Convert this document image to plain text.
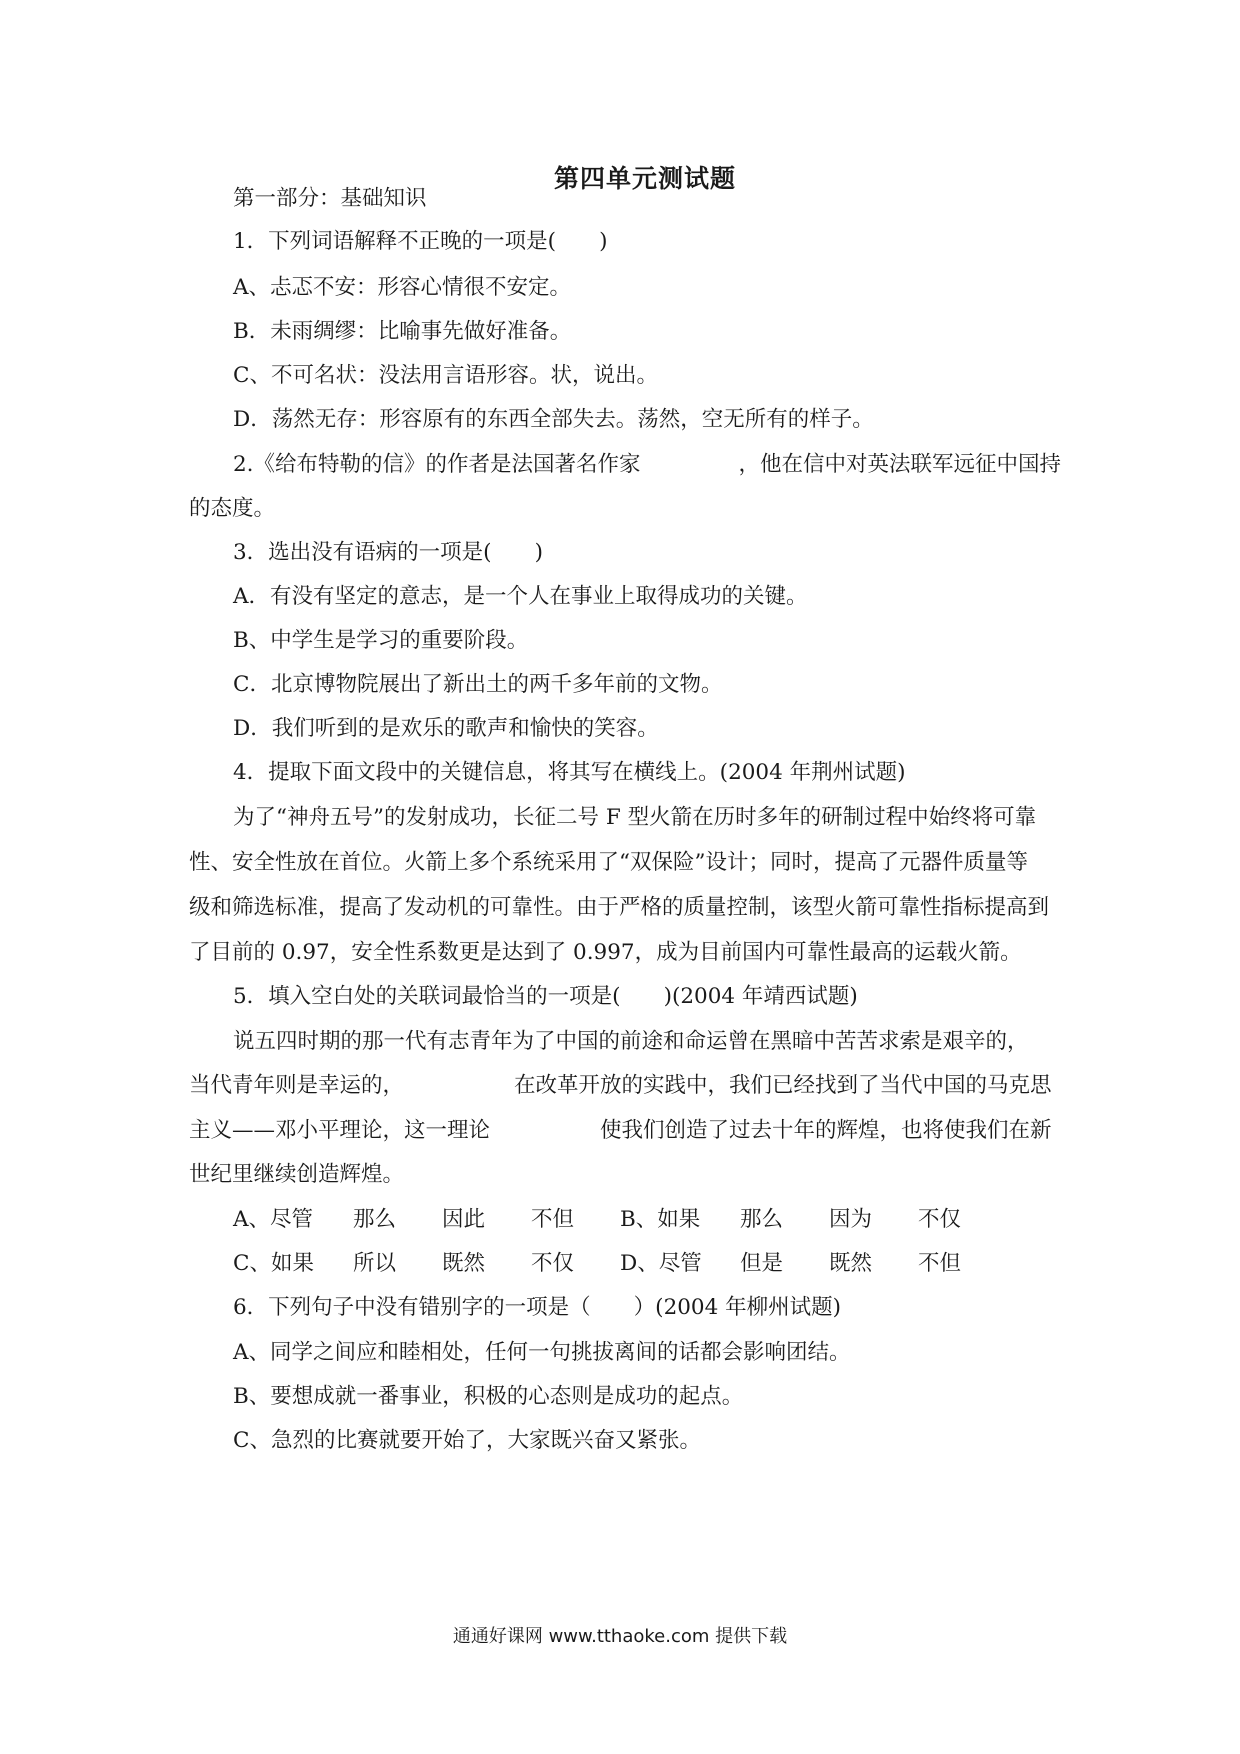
第四单元测试题
第一部分：基础知识
1．下列词语解释不正晚的一项是(　　)
A、忐忑不安：形容心情很不安定。
B．未雨绸缪：比喻事先做好准备。
C、不可名状：没法用言语形容。状，说出。
D．荡然无存：形容原有的东西全部失去。荡然，空无所有的样子。
2.《给布特勒的信》的作者是法国著名作家	，他在信中对英法联军远征中国持
的态度。
3．选出没有语病的一项是(　　)
A．有没有坚定的意志，是一个人在事业上取得成功的关键。
B、中学生是学习的重要阶段。
C．北京博物院展出了新出土的两千多年前的文物。
D．我们听到的是欢乐的歌声和愉快的笑容。
4．提取下面文段中的关键信息，将其写在横线上。(2004 年荆州试题)
为了“神舟五号”的发射成功，长征二号 F 型火箭在历时多年的研制过程中始终将可靠
性、安全性放在首位。火箭上多个系统采用了“双保险”设计；同时，提高了元器件质量等
级和筛选标准，提高了发动机的可靠性。由于严格的质量控制，该型火箭可靠性指标提高到
了目前的 0.97，安全性系数更是达到了 0.997，成为目前国内可靠性最高的运载火箭。
5．填入空白处的关联词最恰当的一项是(　　)(2004 年靖西试题)
说五四时期的那一代有志青年为了中国的前途和命运曾在黑暗中苦苦求索是艰辛的，
当代青年则是幸运的，	在改革开放的实践中，我们已经找到了当代中国的马克思
主义——邓小平理论，这一理论	使我们创造了过去十年的辉煌，也将使我们在新
世纪里继续创造辉煌。
A、尽管 那么 因此 不但 B、如果 那么 因为 不仅
C、如果 所以 既然 不仅 D、尽管 但是 既然 不但
6．下列句子中没有错别字的一项是（　　）(2004 年柳州试题)
A、同学之间应和睦相处，任何一句挑拔离间的话都会影响团结。
B、要想成就一番事业，积极的心态则是成功的起点。
C、急烈的比赛就要开始了，大家既兴奋又紧张。
通通好课网 www.tthaoke.com 提供下载
